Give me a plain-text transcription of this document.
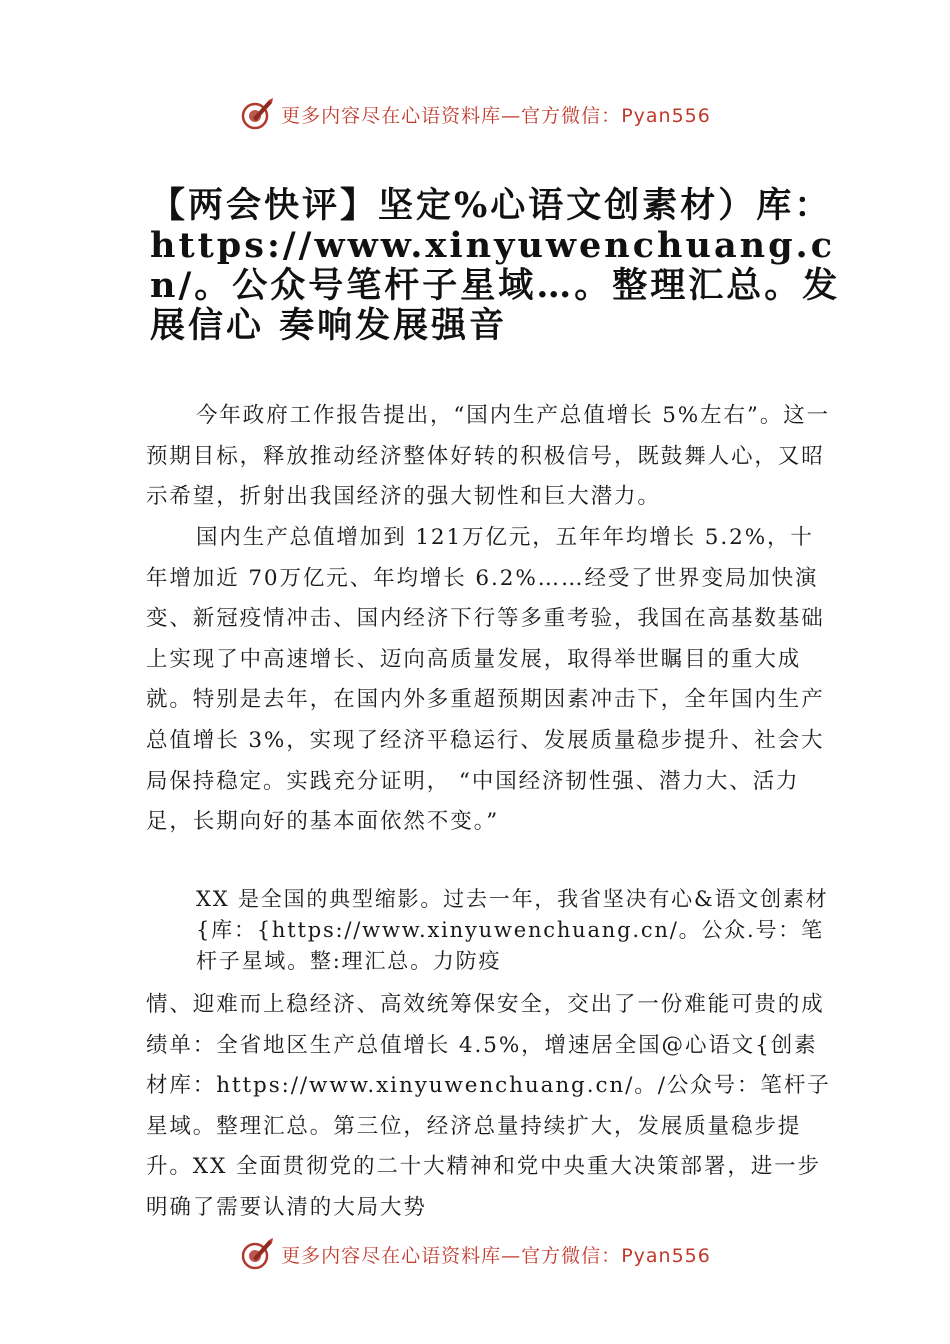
更多内容尽在心语资料库—官方微信：Pyan556
【两会快评】坚定%心语文创素材）库：https://www.xinyuwenchuang.cn/。公众号笔杆子星域…。整理汇总。发展信心 奏响发展强音

今年政府工作报告提出，“国内生产总值增长 5%左右”。这一预期目标，释放推动经济整体好转的积极信号，既鼓舞人心，又昭示希望，折射出我国经济的强大韧性和巨大潜力。

国内生产总值增加到 121万亿元，五年年均增长 5.2%，十年增加近 70万亿元、年均增长 6.2%……经受了世界变局加快演变、新冠疫情冲击、国内经济下行等多重考验，我国在高基数基础上实现了中高速增长、迈向高质量发展，取得举世瞩目的重大成就。特别是去年，在国内外多重超预期因素冲击下，全年国内生产总值增长 3%，实现了经济平稳运行、发展质量稳步提升、社会大局保持稳定。实践充分证明， “中国经济韧性强、潜力大、活力足，长期向好的基本面依然不变。”

XX 是全国的典型缩影。过去一年，我省坚决有心&语文创素材{库：{https://www.xinyuwenchuang.cn/。公众.号：笔杆子星域。整:理汇总。力防疫

情、迎难而上稳经济、高效统筹保安全，交出了一份难能可贵的成绩单：全省地区生产总值增长 4.5%，增速居全国@心语文{创素材库：https://www.xinyuwenchuang.cn/。/公众号：笔杆子星域。整理汇总。第三位，经济总量持续扩大，发展质量稳步提升。XX 全面贯彻党的二十大精神和党中央重大决策部署，进一步明确了需要认清的大局大势

更多内容尽在心语资料库—官方微信：Pyan556
